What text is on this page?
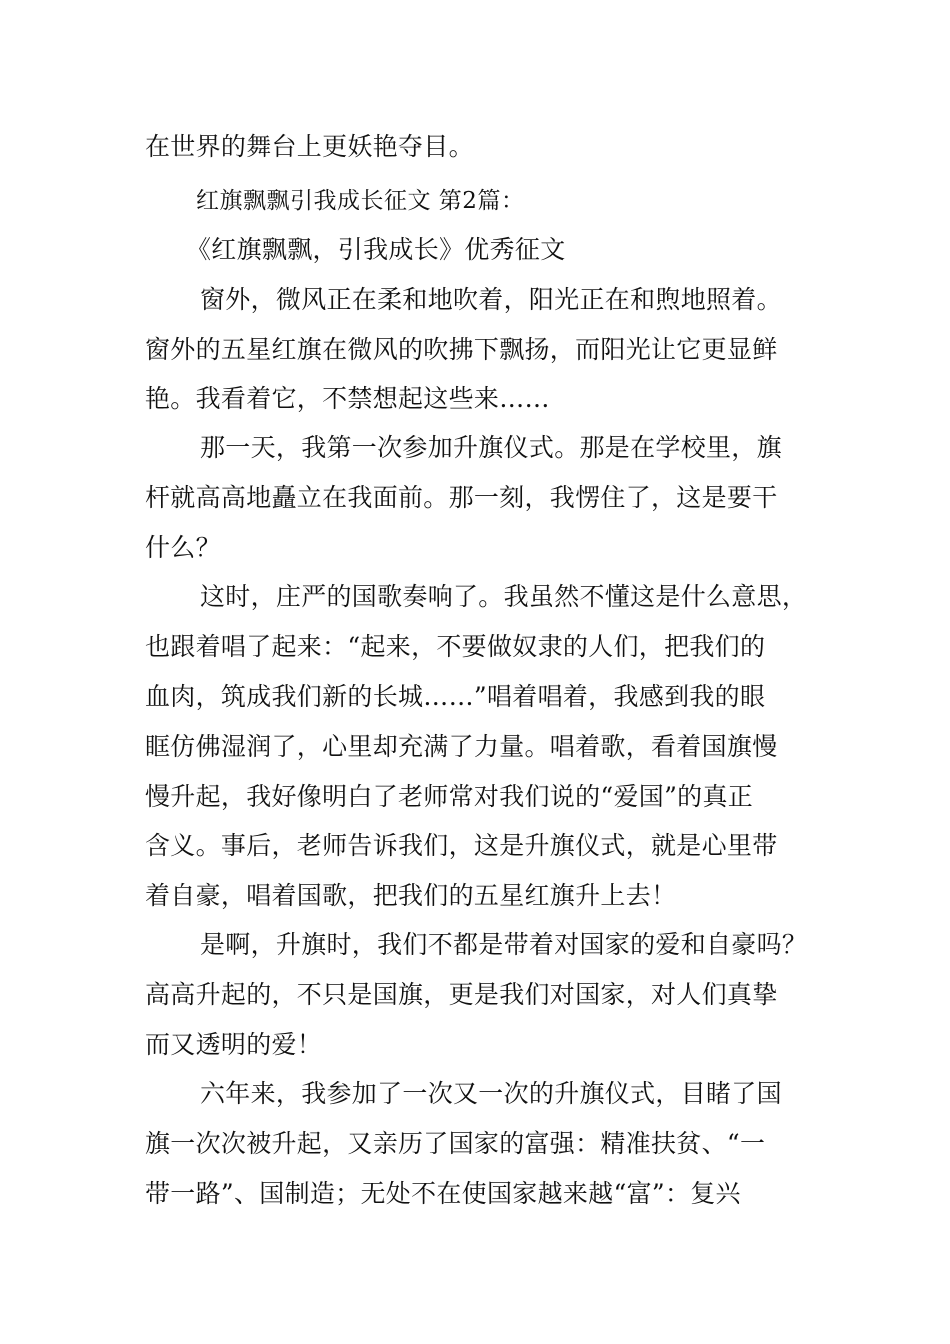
在世界的舞台上更妖艳夺目。
红旗飘飘引我成长征文 第2篇：
《红旗飘飘，引我成长》优秀征文
窗外，微风正在柔和地吹着，阳光正在和煦地照着。
窗外的五星红旗在微风的吹拂下飘扬，而阳光让它更显鲜
艳。我看着它，不禁想起这些来……
那一天，我第一次参加升旗仪式。那是在学校里，旗
杆就高高地矗立在我面前。那一刻，我愣住了，这是要干
什么？
这时，庄严的国歌奏响了。我虽然不懂这是什么意思，
也跟着唱了起来：“起来，不要做奴隶的人们，把我们的
血肉，筑成我们新的长城……”唱着唱着，我感到我的眼
眶仿佛湿润了，心里却充满了力量。唱着歌，看着国旗慢
慢升起，我好像明白了老师常对我们说的“爱国”的真正
含义。事后，老师告诉我们，这是升旗仪式，就是心里带
着自豪，唱着国歌，把我们的五星红旗升上去！
是啊，升旗时，我们不都是带着对国家的爱和自豪吗？
高高升起的，不只是国旗，更是我们对国家，对人们真挚
而又透明的爱！
六年来，我参加了一次又一次的升旗仪式，目睹了国
旗一次次被升起，又亲历了国家的富强：精准扶贫、“一
带一路”、国制造；无处不在使国家越来越“富”：复兴
